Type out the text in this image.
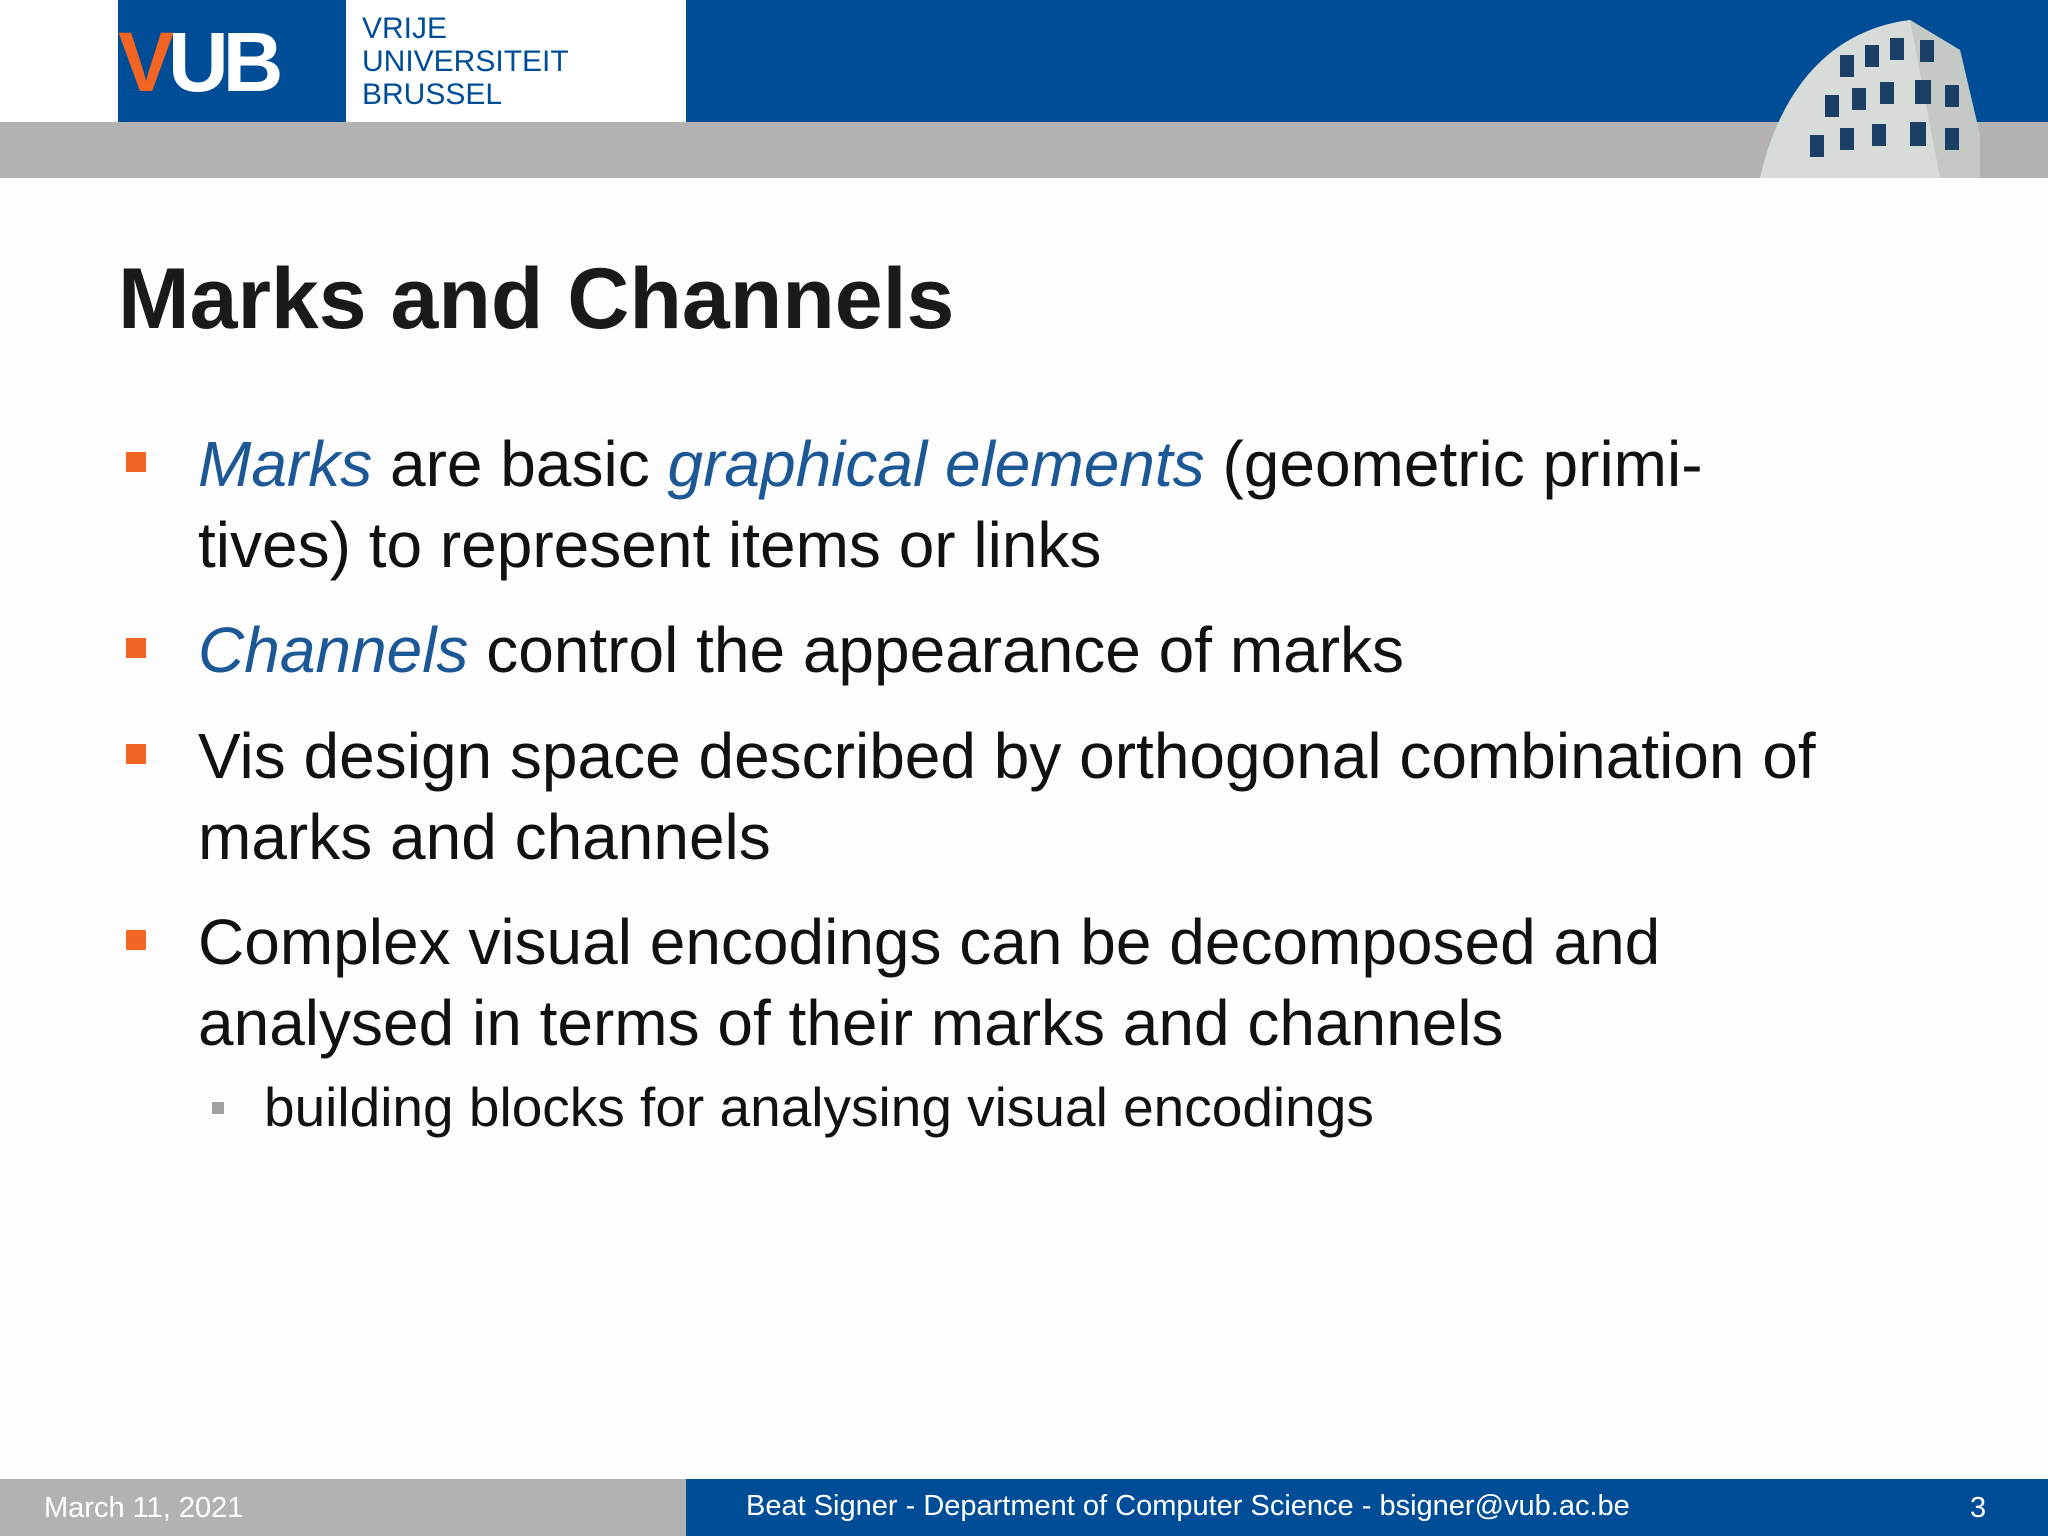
VUB	VRIJE
UNIVERSITEIT
BRUSSEL
Marks and Channels
Marks are basic graphical elements (geometric primi-
tives) to represent items or links
Channels control the appearance of marks
Vis design space described by orthogonal combination of
marks and channels
Complex visual encodings can be decomposed and
analysed in terms of their marks and channels
building blocks for analysing visual encodings
March 11, 2021	Beat Signer - Department of Computer Science - bsigner@vub.ac.be	3
